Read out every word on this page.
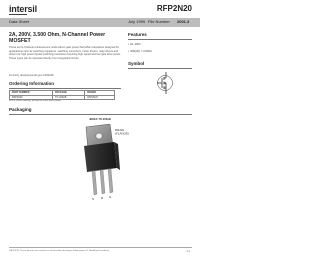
intersil	RFP2N20
Data Sheet	July 1999 File Number 2001.3
2A, 200V, 3.500 Ohm, N-Channel Power MOSFET
These are N-Channel enhancement mode silicon gate power field effect transistors designed for applications such as switching regulators, switching converters, motor drivers, relay drivers and drivers for high power bipolar switching transistors requiring high speed and low gate drive power. These types can be operated directly from integrated circuits.
Formerly developmental type TA09230.
Ordering Information
PART NUMBER	PACKAGE	BRAND
RFP2N20	TO-220AB	RFP2N20
NOTE: When ordering, include the entire part number.
Features
•2A, 200V
•rDS(ON) = 3.500Ω
Symbol
Packaging
JEDEC TO-220AB
S D G
DRAIN
(FLANGE)
CAUTION: These devices are sensitive to electrostatic discharge; follow proper IC Handling Procedures.	4-1
